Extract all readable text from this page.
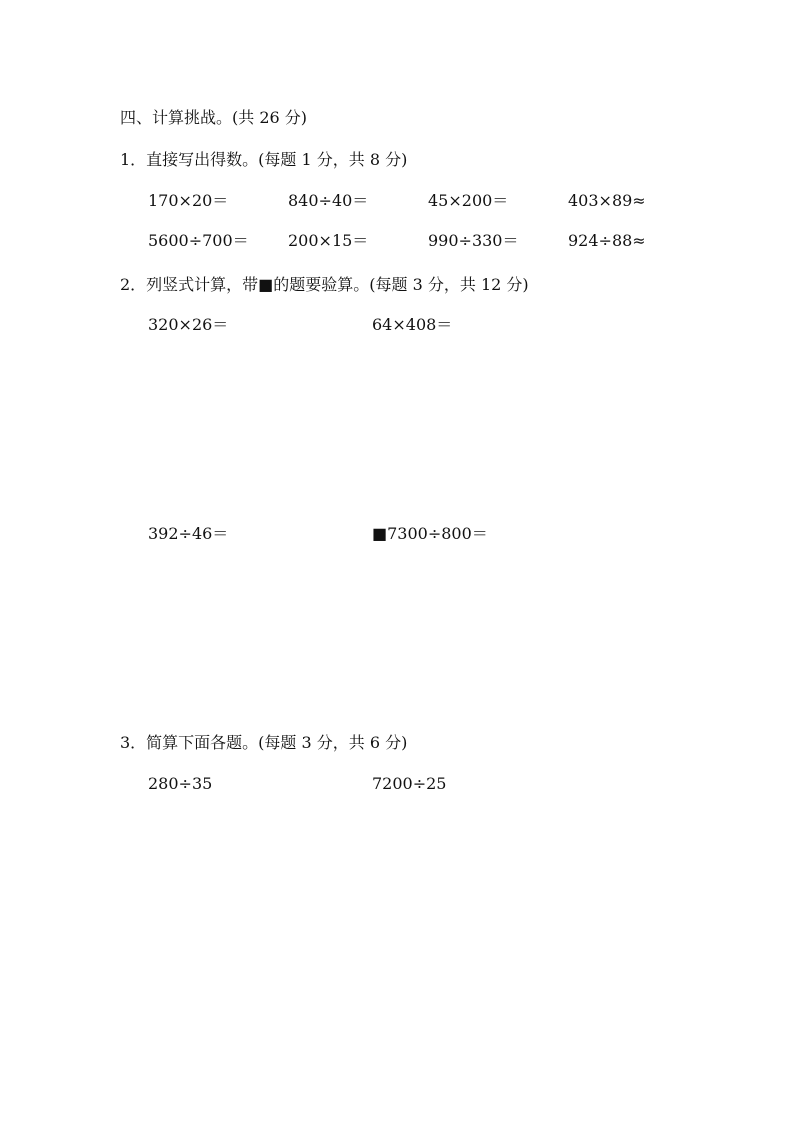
四、计算挑战。(共 26 分)
1．直接写出得数。(每题 1 分，共 8 分)
170×20＝	840÷40＝	45×200＝	403×89≈
5600÷700＝ 200×15＝	990÷330＝	924÷88≈
2．列竖式计算，带■的题要验算。(每题 3 分，共 12 分)
320×26＝	64×408＝
392÷46＝	■7300÷800＝
3．简算下面各题。(每题 3 分，共 6 分)
280÷35	7200÷25
